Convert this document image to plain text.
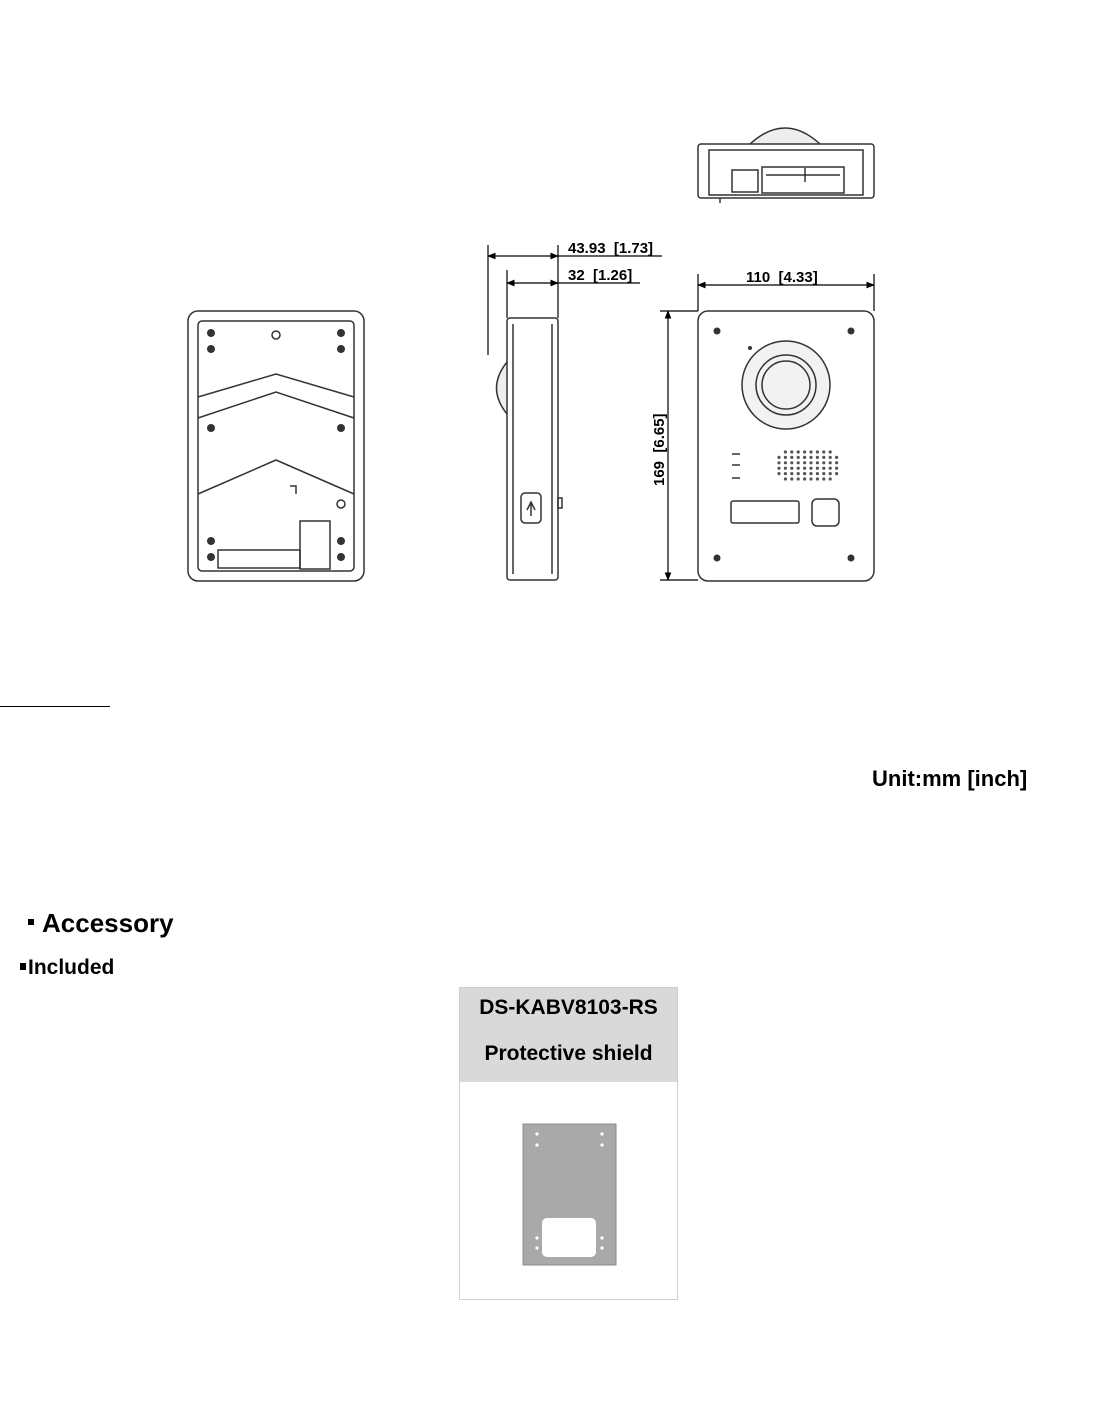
43.93  [1.73]
32  [1.26]	110  [4.33]
169  [6.65]
Unit:mm [inch]
Accessory
Included
DS-KABV8103-RS
Protective shield
